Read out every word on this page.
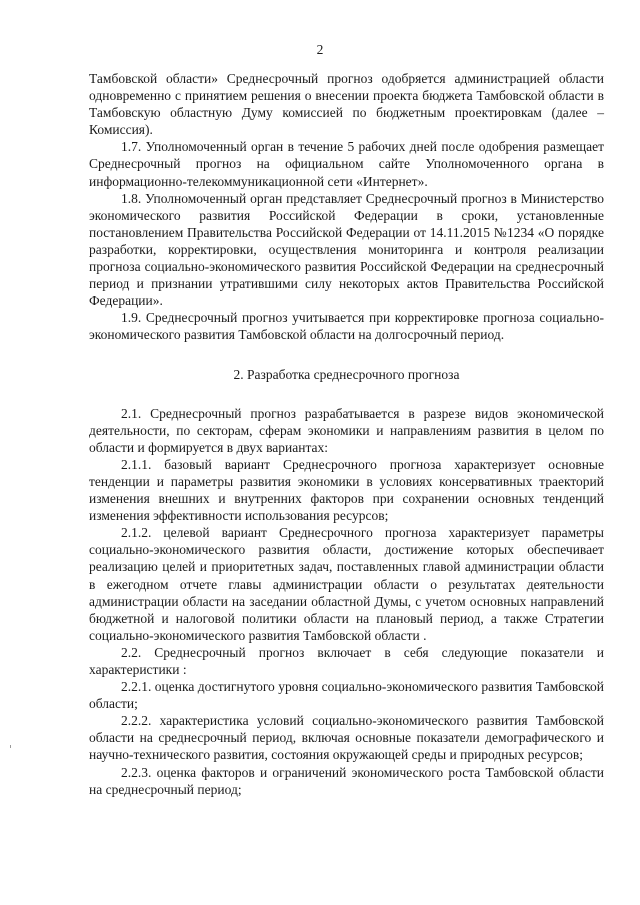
2

Тамбовской области» Среднесрочный прогноз одобряется администрацией области одновременно с принятием решения о внесении проекта бюджета Тамбовской области в Тамбовскую областную Думу комиссией по бюджетным проектировкам (далее – Комиссия).

1.7. Уполномоченный орган в течение 5 рабочих дней после одобрения размещает Среднесрочный прогноз на официальном сайте Уполномоченного органа в информационно-телекоммуникационной сети «Интернет».

1.8. Уполномоченный орган представляет Среднесрочный прогноз в Министерство экономического развития Российской Федерации в сроки, установленные постановлением Правительства Российской Федерации от 14.11.2015 №1234 «О порядке разработки, корректировки, осуществления мониторинга и контроля реализации прогноза социально-экономического развития Российской Федерации на среднесрочный период и признании утратившими силу некоторых актов Правительства Российской Федерации».

1.9. Среднесрочный прогноз учитывается при корректировке прогноза социально-экономического развития Тамбовской области на долгосрочный период.

2. Разработка среднесрочного прогноза

2.1. Среднесрочный прогноз разрабатывается в разрезе видов экономической деятельности, по секторам, сферам экономики и направлениям развития в целом по области и формируется в двух вариантах:

2.1.1. базовый вариант Среднесрочного прогноза характеризует основные тенденции и параметры развития экономики в условиях консервативных траекторий изменения внешних и внутренних факторов при сохранении основных тенденций изменения эффективности использования ресурсов;

2.1.2. целевой вариант Среднесрочного прогноза характеризует параметры социально-экономического развития области, достижение которых обеспечивает реализацию целей и приоритетных задач, поставленных главой администрации области в ежегодном отчете главы администрации области о результатах деятельности администрации области на заседании областной Думы, с учетом основных направлений бюджетной и налоговой политики области на плановый период, а также Стратегии социально-экономического развития Тамбовской области .

2.2. Среднесрочный прогноз включает в себя следующие показатели и характеристики :

2.2.1. оценка достигнутого уровня социально-экономического развития Тамбовской области;

2.2.2. характеристика условий социально-экономического развития Тамбовской области на среднесрочный период, включая основные показатели демографического и научно-технического развития, состояния окружающей среды и природных ресурсов;

2.2.3. оценка факторов и ограничений экономического роста Тамбовской области на среднесрочный период;
